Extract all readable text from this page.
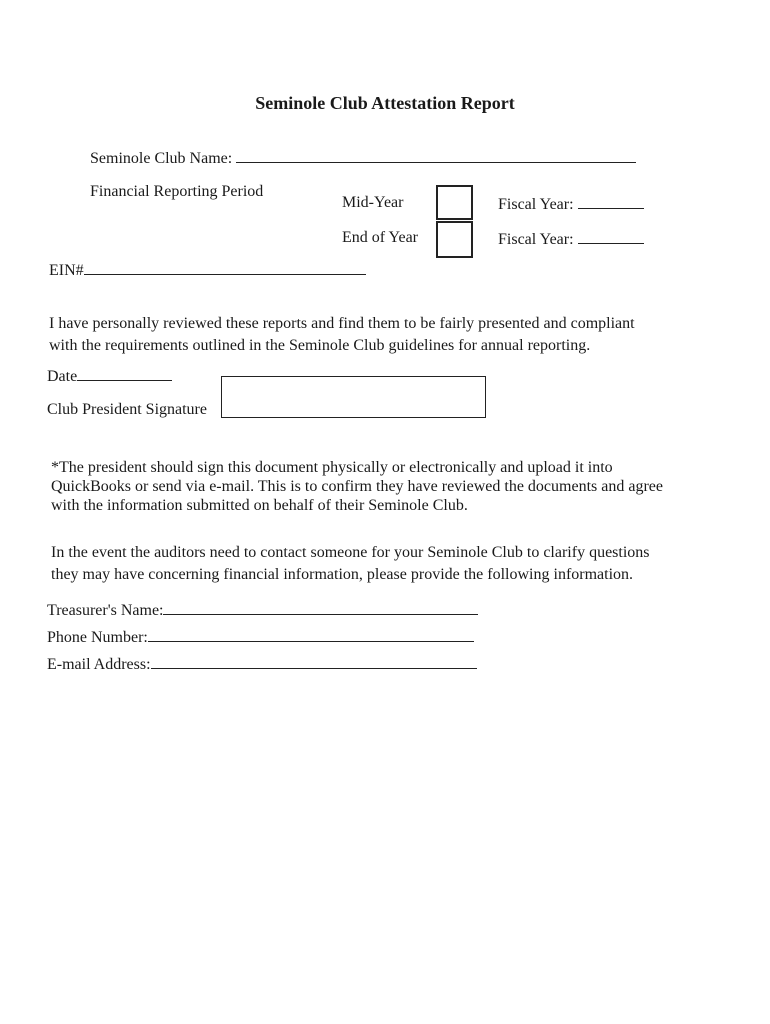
Seminole Club Attestation Report
Seminole Club Name:
Financial Reporting Period
Mid-Year	Fiscal Year:
End of Year	Fiscal Year:
EIN#
I have personally reviewed these reports and find them to be fairly presented and compliant
with the requirements outlined in the Seminole Club guidelines for annual reporting.
Date
Club President Signature
*The president should sign this document physically or electronically and upload it into
QuickBooks or send via e-mail. This is to confirm they have reviewed the documents and agree
with the information submitted on behalf of their Seminole Club.
In the event the auditors need to contact someone for your Seminole Club to clarify questions
they may have concerning financial information, please provide the following information.
Treasurer's Name:
Phone Number:
E-mail Address:
